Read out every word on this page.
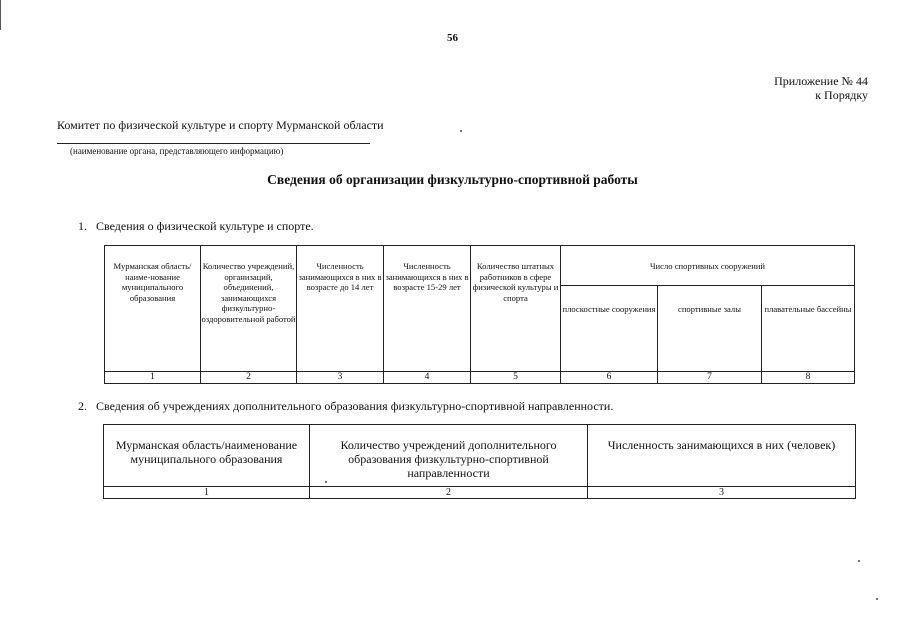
56
Приложение № 44
к Порядку
Комитет по физической культуре и спорту Мурманской области
(наименование органа, представляющего информацию)
Сведения об организации физкультурно-спортивной работы
1. Сведения о физической культуре и спорте.
Мурманская область/наиме-нование муниципального образования	Количество учреждений, организаций, объединений, занимающихся физкультурно-оздоровительной работой	Численность занимающихся в них в возрасте до 14 лет	Численность занимающихся в них в возрасте 15-29 лет	Количество штатных работников в сфере физической культуры и спорта	Число спортивных сооружений		
					плоскостные сооружения	спортивные залы	плавательные бассейны
1	2	3	4	5	6	7	8
2. Сведения об учреждениях дополнительного образования физкультурно-спортивной направленности.
Мурманская область/наименование муниципального образования	Количество учреждений дополнительного образования физкультурно-спортивной направленности	Численность занимающихся в них (человек)
1	2	3
